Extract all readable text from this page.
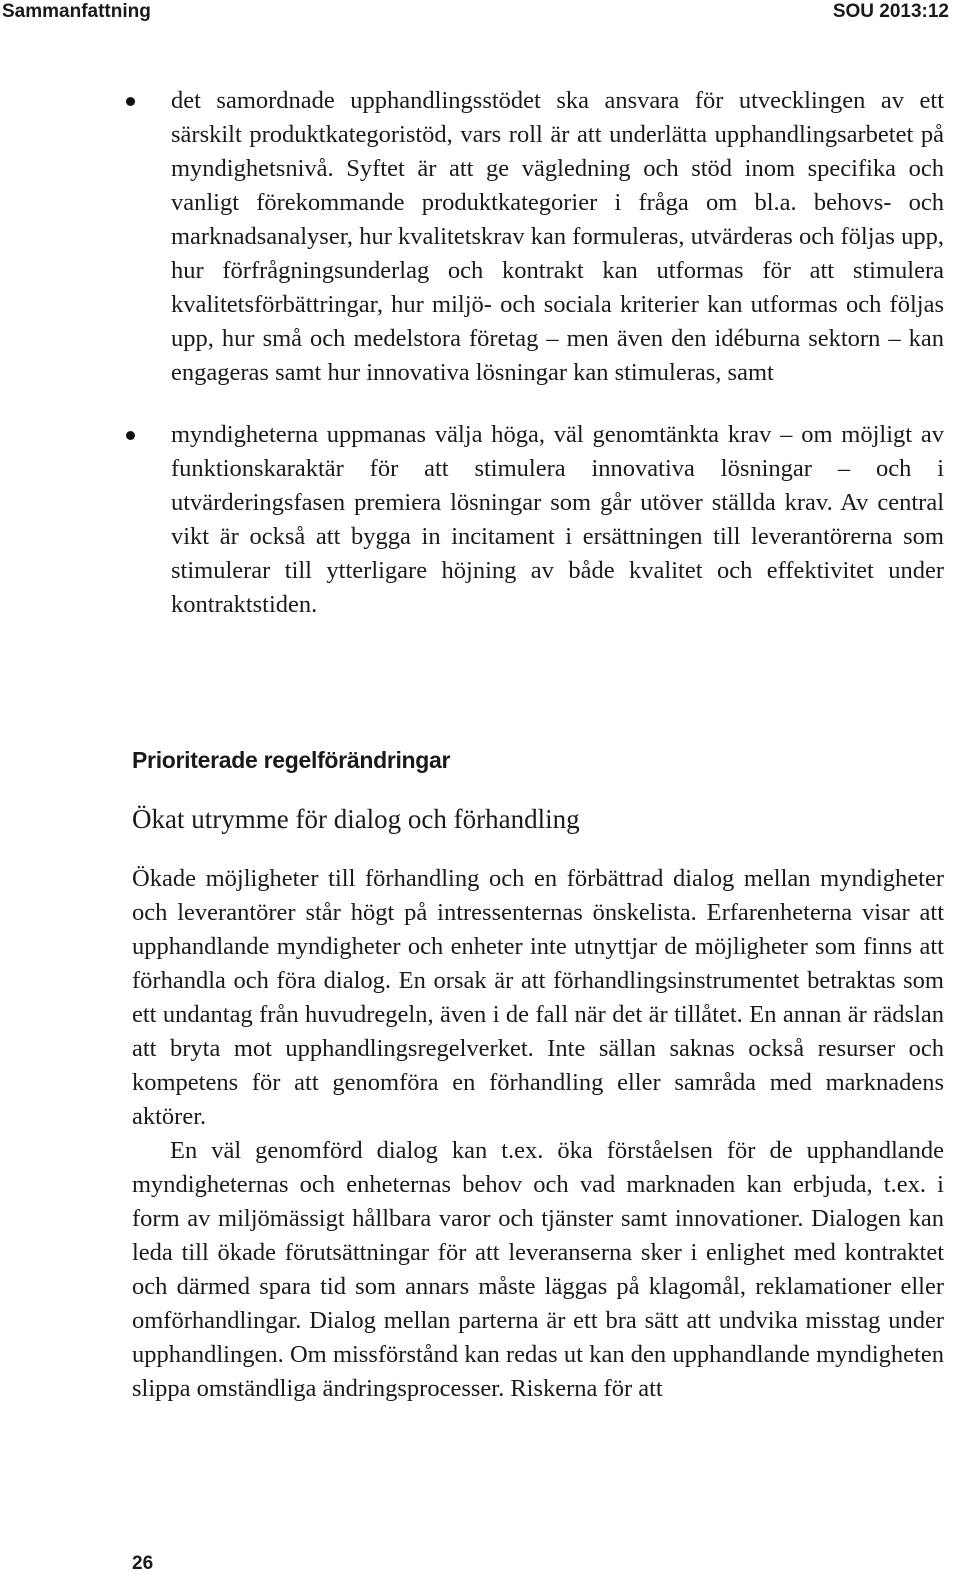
Sammanfattning	SOU 2013:12
det samordnade upphandlingsstödet ska ansvara för utvecklingen av ett särskilt produktkategoristöd, vars roll är att underlätta upphandlingsarbetet på myndighetsnivå. Syftet är att ge vägledning och stöd inom specifika och vanligt förekommande produktkategorier i fråga om bl.a. behovs- och marknadsanalyser, hur kvalitetskrav kan formuleras, utvärderas och följas upp, hur förfrågningsunderlag och kontrakt kan utformas för att stimulera kvalitetsförbättringar, hur miljö- och sociala kriterier kan utformas och följas upp, hur små och medelstora företag – men även den idéburna sektorn – kan engageras samt hur innovativa lösningar kan stimuleras, samt
myndigheterna uppmanas välja höga, väl genomtänkta krav – om möjligt av funktionskaraktär för att stimulera innovativa lösningar – och i utvärderingsfasen premiera lösningar som går utöver ställda krav. Av central vikt är också att bygga in incitament i ersättningen till leverantörerna som stimulerar till ytterligare höjning av både kvalitet och effektivitet under kontraktstiden.
Prioriterade regelförändringar
Ökat utrymme för dialog och förhandling

Ökade möjligheter till förhandling och en förbättrad dialog mellan myndigheter och leverantörer står högt på intressenternas önskelista. Erfarenheterna visar att upphandlande myndigheter och enheter inte utnyttjar de möjligheter som finns att förhandla och föra dialog. En orsak är att förhandlingsinstrumentet betraktas som ett undantag från huvudregeln, även i de fall när det är tillåtet. En annan är rädslan att bryta mot upphandlingsregelverket. Inte sällan saknas också resurser och kompetens för att genomföra en förhandling eller samråda med marknadens aktörer.

En väl genomförd dialog kan t.ex. öka förståelsen för de upphandlande myndigheternas och enheternas behov och vad marknaden kan erbjuda, t.ex. i form av miljömässigt hållbara varor och tjänster samt innovationer. Dialogen kan leda till ökade förutsättningar för att leveranserna sker i enlighet med kontraktet och därmed spara tid som annars måste läggas på klagomål, reklamationer eller omförhandlingar. Dialog mellan parterna är ett bra sätt att undvika misstag under upphandlingen. Om missförstånd kan redas ut kan den upphandlande myndigheten slippa omständliga ändringsprocesser. Riskerna för att

26
